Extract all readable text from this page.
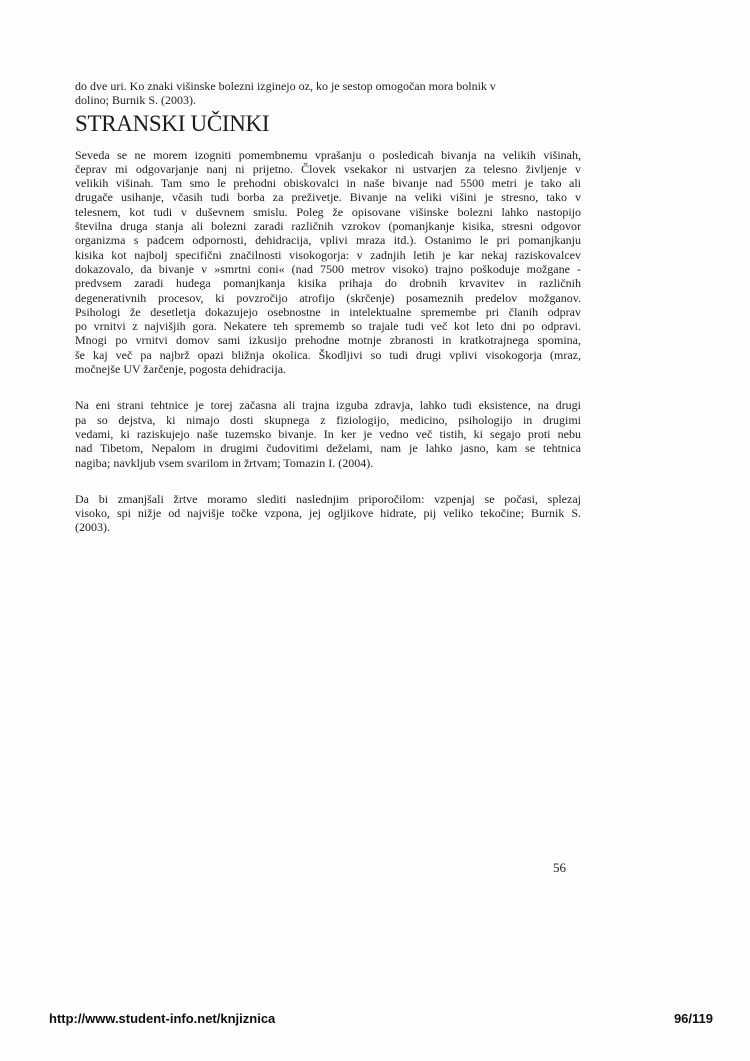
do dve uri. Ko znaki višinske bolezni izginejo oz, ko je sestop omogočan mora bolnik v
dolino; Burnik S. (2003).
STRANSKI UČINKI
Seveda se ne morem izogniti pomembnemu vprašanju o posledicah bivanja na velikih višinah,
čeprav mi odgovarjanje nanj ni prijetno. Človek vsekakor ni ustvarjen za telesno življenje v
velikih višinah. Tam smo le prehodni obiskovalci in naše bivanje nad 5500 metri je tako ali
drugače usihanje, včasih tudi borba za preživetje. Bivanje na veliki višini je stresno, tako v
telesnem, kot tudi v duševnem smislu. Poleg že opisovane višinske bolezni lahko nastopijo
številna druga stanja ali bolezni zaradi različnih vzrokov (pomanjkanje kisika, stresni odgovor
organizma s padcem odpornosti, dehidracija, vplivi mraza itd.). Ostanimo le pri pomanjkanju
kisika kot najbolj specifični značilnosti visokogorja: v zadnjih letih je kar nekaj raziskovalcev
dokazovalo, da bivanje v »smrtni coni« (nad 7500 metrov visoko) trajno poškoduje možgane -
predvsem zaradi hudega pomanjkanja kisika prihaja do drobnih krvavitev in različnih
degenerativnih procesov, ki povzročijo atrofijo (skrčenje) posameznih predelov možganov.
Psihologi že desetletja dokazujejo osebnostne in intelektualne spremembe pri članih odprav
po vrnitvi z najvišjih gora. Nekatere teh sprememb so trajale tudi več kot leto dni po odpravi.
Mnogi po vrnitvi domov sami izkusijo prehodne motnje zbranosti in kratkotrajnega spomina,
še kaj več pa najbrž opazi bližnja okolica. Škodljivi so tudi drugi vplivi visokogorja (mraz,
močnejše UV žarčenje, pogosta dehidracija.
Na eni strani tehtnice je torej začasna ali trajna izguba zdravja, lahko tudi eksistence, na drugi
pa so dejstva, ki nimajo dosti skupnega z fiziologijo, medicino, psihologijo in drugimi
vedami, ki raziskujejo naše tuzemsko bivanje. In ker je vedno več tistih, ki segajo proti nebu
nad Tibetom, Nepalom in drugimi čudovitimi deželami, nam je lahko jasno, kam se tehtnica
nagiba; navkljub vsem svarilom in žrtvam; Tomazin I. (2004).
Da bi zmanjšali žrtve moramo slediti naslednjim priporočilom: vzpenjaj se počasi, splezaj
visoko, spi nižje od najvišje točke vzpona, jej ogljikove hidrate, pij veliko tekočine; Burnik S.
(2003).
56
http://www.student-info.net/knjiznica	96/119
